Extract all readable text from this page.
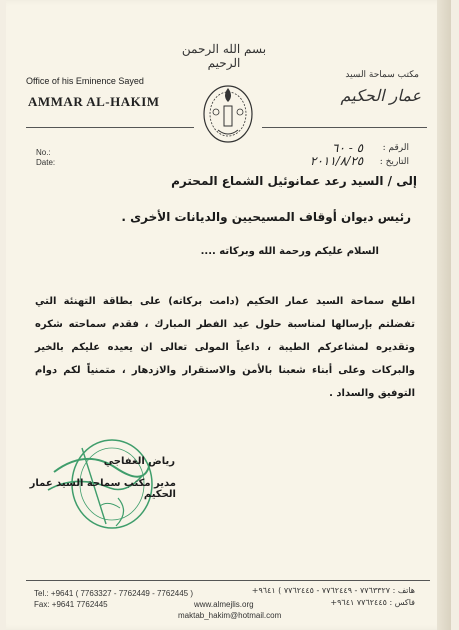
بسم الله الرحمن الرحيم
Office of his Eminence Sayed
AMMAR AL-HAKIM
مكتب سماحة السيد
عمار الحكيم
No.:
Date:
الرقم :
التاريخ :
٥ - ٦٠
٢٠١١/٨/٢٥
إلى / السيد رعد عمانوئيل الشماع المحترم
رئيس ديوان أوقاف المسيحيين والديانات الأخرى .
السلام عليكم ورحمة الله وبركاته ....
اطلع سماحة السيد عمار الحكيم (دامت بركاته) على بطاقة التهنئة التي تفضلتم بإرسالها لمناسبة حلول عيد الفطر المبارك ، فقدم سماحته شكره وتقديره لمشاعركم الطيبة ، داعياً المولى تعالى ان يعيده عليكم بالخير والبركات وعلى أبناء شعبنا بالأمن والاستقرار والازدهار ، متمنياً لكم دوام التوفيق والسداد .
رياض الغفاجي
مدير مكتب سماحة السيد عمار الحكيم
Tel.: +9641 ( 7763327 - 7762449 - 7762445 )
Fax: +9641 7762445
هاتف : ٧٧٦٣٣٢٧ - ٧٧٦٢٤٤٩ - ٧٧٦٢٤٤٥ ) ٩٦٤١+
فاكس : ٧٧٦٢٤٤٥ ٩٦٤١+
www.almejlis.org
maktab_hakim@hotmail.com
